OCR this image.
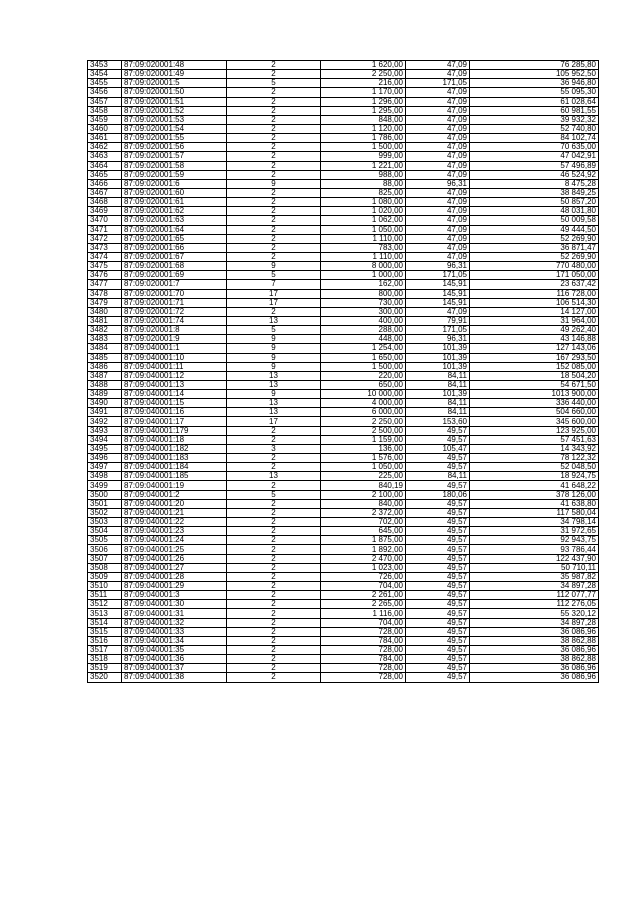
3453	87:09:020001:48	2	1 620,00	47,09	76 285,80
3454	87:09:020001:49	2	2 250,00	47,09	105 952,50
3455	87:09:020001:5	5	216,00	171,05	36 946,80
3456	87:09:020001:50	2	1 170,00	47,09	55 095,30
3457	87:09:020001:51	2	1 296,00	47,09	61 028,64
3458	87:09:020001:52	2	1 295,00	47,09	60 981,55
3459	87:09:020001:53	2	848,00	47,09	39 932,32
3460	87:09:020001:54	2	1 120,00	47,09	52 740,80
3461	87:09:020001:55	2	1 786,00	47,09	84 102,74
3462	87:09:020001:56	2	1 500,00	47,09	70 635,00
3463	87:09:020001:57	2	999,00	47,09	47 042,91
3464	87:09:020001:58	2	1 221,00	47,09	57 496,89
3465	87:09:020001:59	2	988,00	47,09	46 524,92
3466	87:09:020001:6	9	88,00	96,31	8 475,28
3467	87:09:020001:60	2	825,00	47,09	38 849,25
3468	87:09:020001:61	2	1 080,00	47,09	50 857,20
3469	87:09:020001:62	2	1 020,00	47,09	48 031,80
3470	87:09:020001:63	2	1 062,00	47,09	50 009,58
3471	87:09:020001:64	2	1 050,00	47,09	49 444,50
3472	87:09:020001:65	2	1 110,00	47,09	52 269,90
3473	87:09:020001:66	2	783,00	47,09	36 871,47
3474	87:09:020001:67	2	1 110,00	47,09	52 269,90
3475	87:09:020001:68	9	8 000,00	96,31	770 480,00
3476	87:09:020001:69	5	1 000,00	171,05	171 050,00
3477	87:09:020001:7	7	162,00	145,91	23 637,42
3478	87:09:020001:70	17	800,00	145,91	116 728,00
3479	87:09:020001:71	17	730,00	145,91	106 514,30
3480	87:09:020001:72	2	300,00	47,09	14 127,00
3481	87:09:020001:74	13	400,00	79,91	31 964,00
3482	87:09:020001:8	5	288,00	171,05	49 262,40
3483	87:09:020001:9	9	448,00	96,31	43 146,88
3484	87:09:040001:1	9	1 254,00	101,39	127 143,06
3485	87:09:040001:10	9	1 650,00	101,39	167 293,50
3486	87:09:040001:11	9	1 500,00	101,39	152 085,00
3487	87:09:040001:12	13	220,00	84,11	18 504,20
3488	87:09:040001:13	13	650,00	84,11	54 671,50
3489	87:09:040001:14	9	10 000,00	101,39	1013 900,00
3490	87:09:040001:15	13	4 000,00	84,11	336 440,00
3491	87:09:040001:16	13	6 000,00	84,11	504 660,00
3492	87:09:040001:17	17	2 250,00	153,60	345 600,00
3493	87:09:040001:179	2	2 500,00	49,57	123 925,00
3494	87:09:040001:18	2	1 159,00	49,57	57 451,63
3495	87:09:040001:182	3	136,00	105,47	14 343,92
3496	87:09:040001:183	2	1 576,00	49,57	78 122,32
3497	87:09:040001:184	2	1 050,00	49,57	52 048,50
3498	87:09:040001:185	13	225,00	84,11	18 924,75
3499	87:09:040001:19	2	840,19	49,57	41 648,22
3500	87:09:040001:2	5	2 100,00	180,06	378 126,00
3501	87:09:040001:20	2	840,00	49,57	41 638,80
3502	87:09:040001:21	2	2 372,00	49,57	117 580,04
3503	87:09:040001:22	2	702,00	49,57	34 798,14
3504	87:09:040001:23	2	645,00	49,57	31 972,65
3505	87:09:040001:24	2	1 875,00	49,57	92 943,75
3506	87:09:040001:25	2	1 892,00	49,57	93 786,44
3507	87:09:040001:26	2	2 470,00	49,57	122 437,90
3508	87:09:040001:27	2	1 023,00	49,57	50 710,11
3509	87:09:040001:28	2	726,00	49,57	35 987,82
3510	87:09:040001:29	2	704,00	49,57	34 897,28
3511	87:09:040001:3	2	2 261,00	49,57	112 077,77
3512	87:09:040001:30	2	2 265,00	49,57	112 276,05
3513	87:09:040001:31	2	1 116,00	49,57	55 320,12
3514	87:09:040001:32	2	704,00	49,57	34 897,28
3515	87:09:040001:33	2	728,00	49,57	36 086,96
3516	87:09:040001:34	2	784,00	49,57	38 862,88
3517	87:09:040001:35	2	728,00	49,57	36 086,96
3518	87:09:040001:36	2	784,00	49,57	38 862,88
3519	87:09:040001:37	2	728,00	49,57	36 086,96
3520	87:09:040001:38	2	728,00	49,57	36 086,96
